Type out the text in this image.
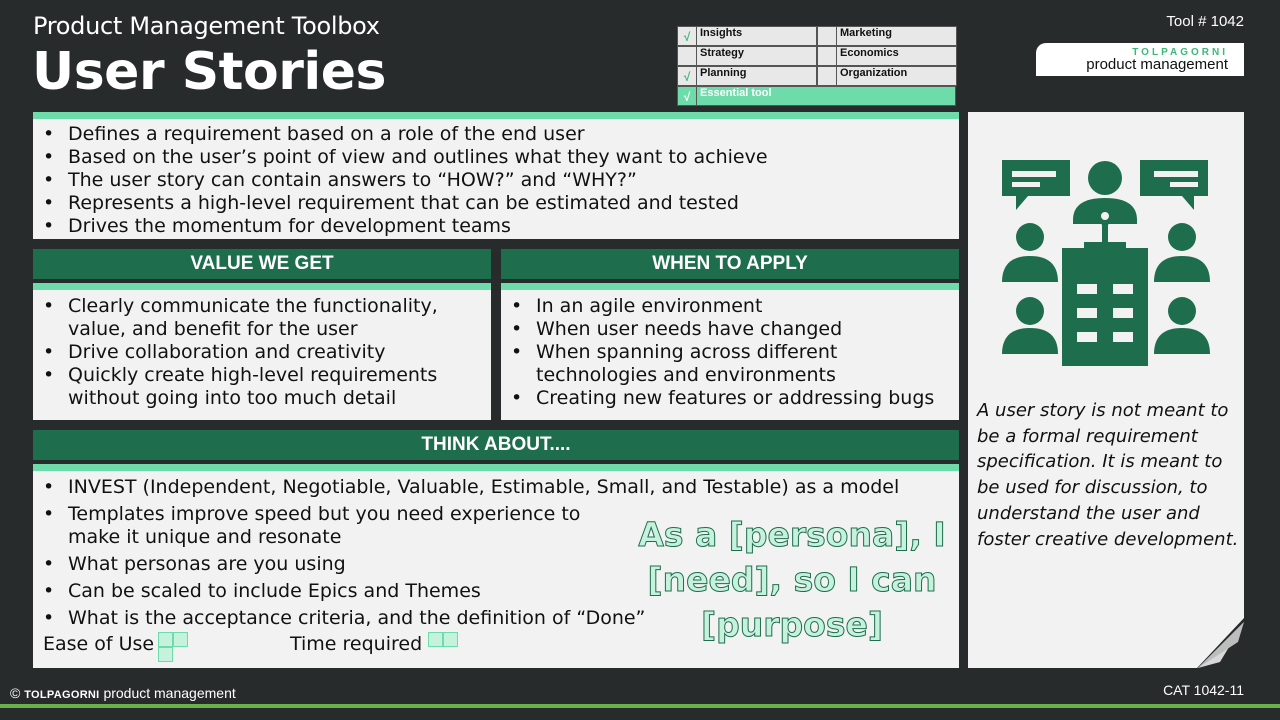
Product Management Toolbox
User Stories
Tool # 1042
√ Insights	Marketing
Strategy	Economics
√ Planning	Organization
√ Essential tool
TOLPAGORNI
product management
• Defines a requirement based on a role of the end user
• Based on the user’s point of view and outlines what they want to achieve
• The user story can contain answers to “HOW?” and “WHY?”
• Represents a high-level requirement that can be estimated and tested
• Drives the momentum for development teams
VALUE WE GET
• Clearly communicate the functionality, value, and benefit for the user
• Drive collaboration and creativity
• Quickly create high-level requirements without going into too much detail
WHEN TO APPLY
• In an agile environment
• When user needs have changed
• When spanning across different technologies and environments
• Creating new features or addressing bugs
THINK ABOUT....
• INVEST (Independent, Negotiable, Valuable, Estimable, Small, and Testable) as a model
• Templates improve speed but you need experience to make it unique and resonate
• What personas are you using
• Can be scaled to include Epics and Themes
• What is the acceptance criteria, and the definition of “Done”
Ease of Use	Time required
As a [persona], I [need], so I can [purpose]
A user story is not meant to be a formal requirement specification. It is meant to be used for discussion, to understand the user and foster creative development.
© TOLPAGORNI product management	CAT 1042-11
